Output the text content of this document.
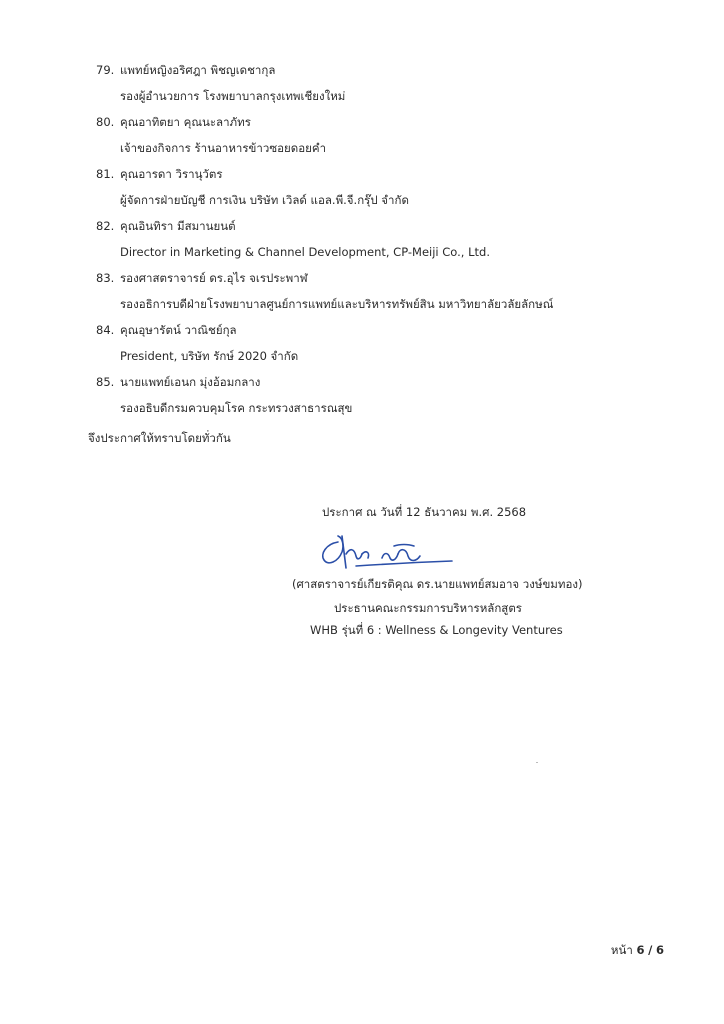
79. แพทย์หญิงอริศฎา พิชญเดชากุล
รองผู้อำนวยการ โรงพยาบาลกรุงเทพเชียงใหม่
80. คุณอาทิตยา คุณนะลาภัทร
เจ้าของกิจการ ร้านอาหารข้าวซอยดอยคำ
81. คุณอารดา วิรานุวัตร
ผู้จัดการฝ่ายบัญชี การเงิน บริษัท เวิลด์ แอล.พี.จี.กรุ๊ป จำกัด
82. คุณอินทิรา มีสมานยนต์
Director in Marketing & Channel Development, CP-Meiji Co., Ltd.
83. รองศาสตราจารย์ ดร.อุไร จเรประพาฬ
รองอธิการบดีฝ่ายโรงพยาบาลศูนย์การแพทย์และบริหารทรัพย์สิน มหาวิทยาลัยวลัยลักษณ์
84. คุณอุษารัตน์ วาณิชย์กุล
President, บริษัท รักษ์ 2020 จำกัด
85. นายแพทย์เอนก มุ่งอ้อมกลาง
รองอธิบดีกรมควบคุมโรค กระทรวงสาธารณสุข
จึงประกาศให้ทราบโดยทั่วกัน
ประกาศ ณ วันที่ 12 ธันวาคม พ.ศ. 2568
(ศาสตราจารย์เกียรติคุณ ดร.นายแพทย์สมอาจ วงษ์ขมทอง)
ประธานคณะกรรมการบริหารหลักสูตร
WHB รุ่นที่ 6 : Wellness & Longevity Ventures
หน้า 6 / 6
